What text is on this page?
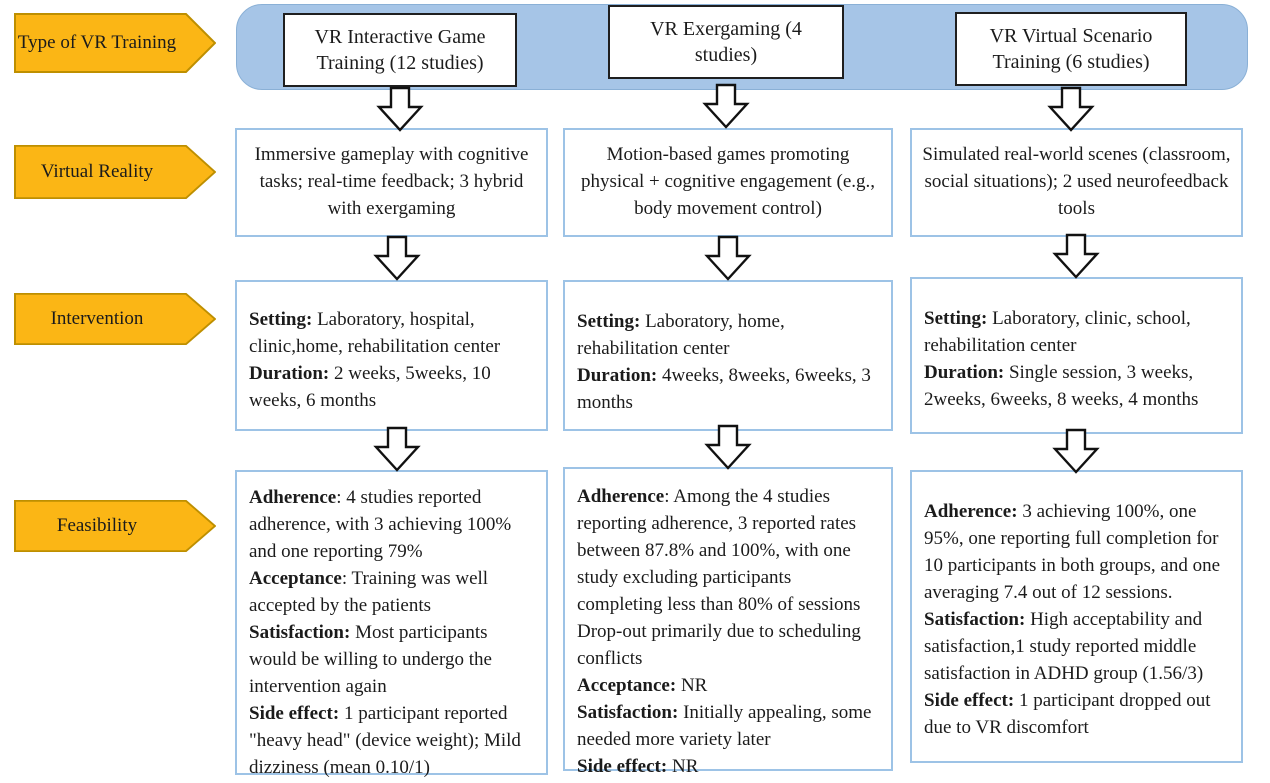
Type of VR Training
Virtual Reality
Intervention
Feasibility
VR Interactive Game Training (12 studies)
VR Exergaming (4 studies)
VR Virtual Scenario Training (6 studies)
Immersive gameplay with cognitive tasks; real-time feedback; 3 hybrid with exergaming
Motion-based games promoting physical + cognitive engagement (e.g., body movement control)
Simulated real-world scenes (classroom, social situations); 2 used neurofeedback tools
Setting: Laboratory, hospital, clinic,home, rehabilitation center
Duration: 2 weeks, 5weeks, 10 weeks, 6 months
Setting: Laboratory, home, rehabilitation center
Duration: 4weeks, 8weeks, 6weeks, 3 months
Setting: Laboratory, clinic, school, rehabilitation center
Duration: Single session, 3 weeks, 2weeks, 6weeks, 8 weeks, 4 months
Adherence: 4 studies reported adherence, with 3 achieving 100% and one reporting 79%
Acceptance: Training was well accepted by the patients
Satisfaction: Most participants would be willing to undergo the intervention again
Side effect: 1 participant reported "heavy head" (device weight); Mild dizziness (mean 0.10/1)
Adherence: Among the 4 studies reporting adherence, 3 reported rates between 87.8% and 100%, with one study excluding participants completing less than 80% of sessions
Drop-out primarily due to scheduling conflicts
Acceptance: NR
Satisfaction: Initially appealing, some needed more variety later
Side effect: NR
Adherence: 3 achieving 100%, one 95%, one reporting full completion for 10 participants in both groups, and one averaging 7.4 out of 12 sessions.
Satisfaction: High acceptability and satisfaction,1 study reported middle satisfaction in ADHD group (1.56/3)
Side effect: 1 participant dropped out due to VR discomfort
